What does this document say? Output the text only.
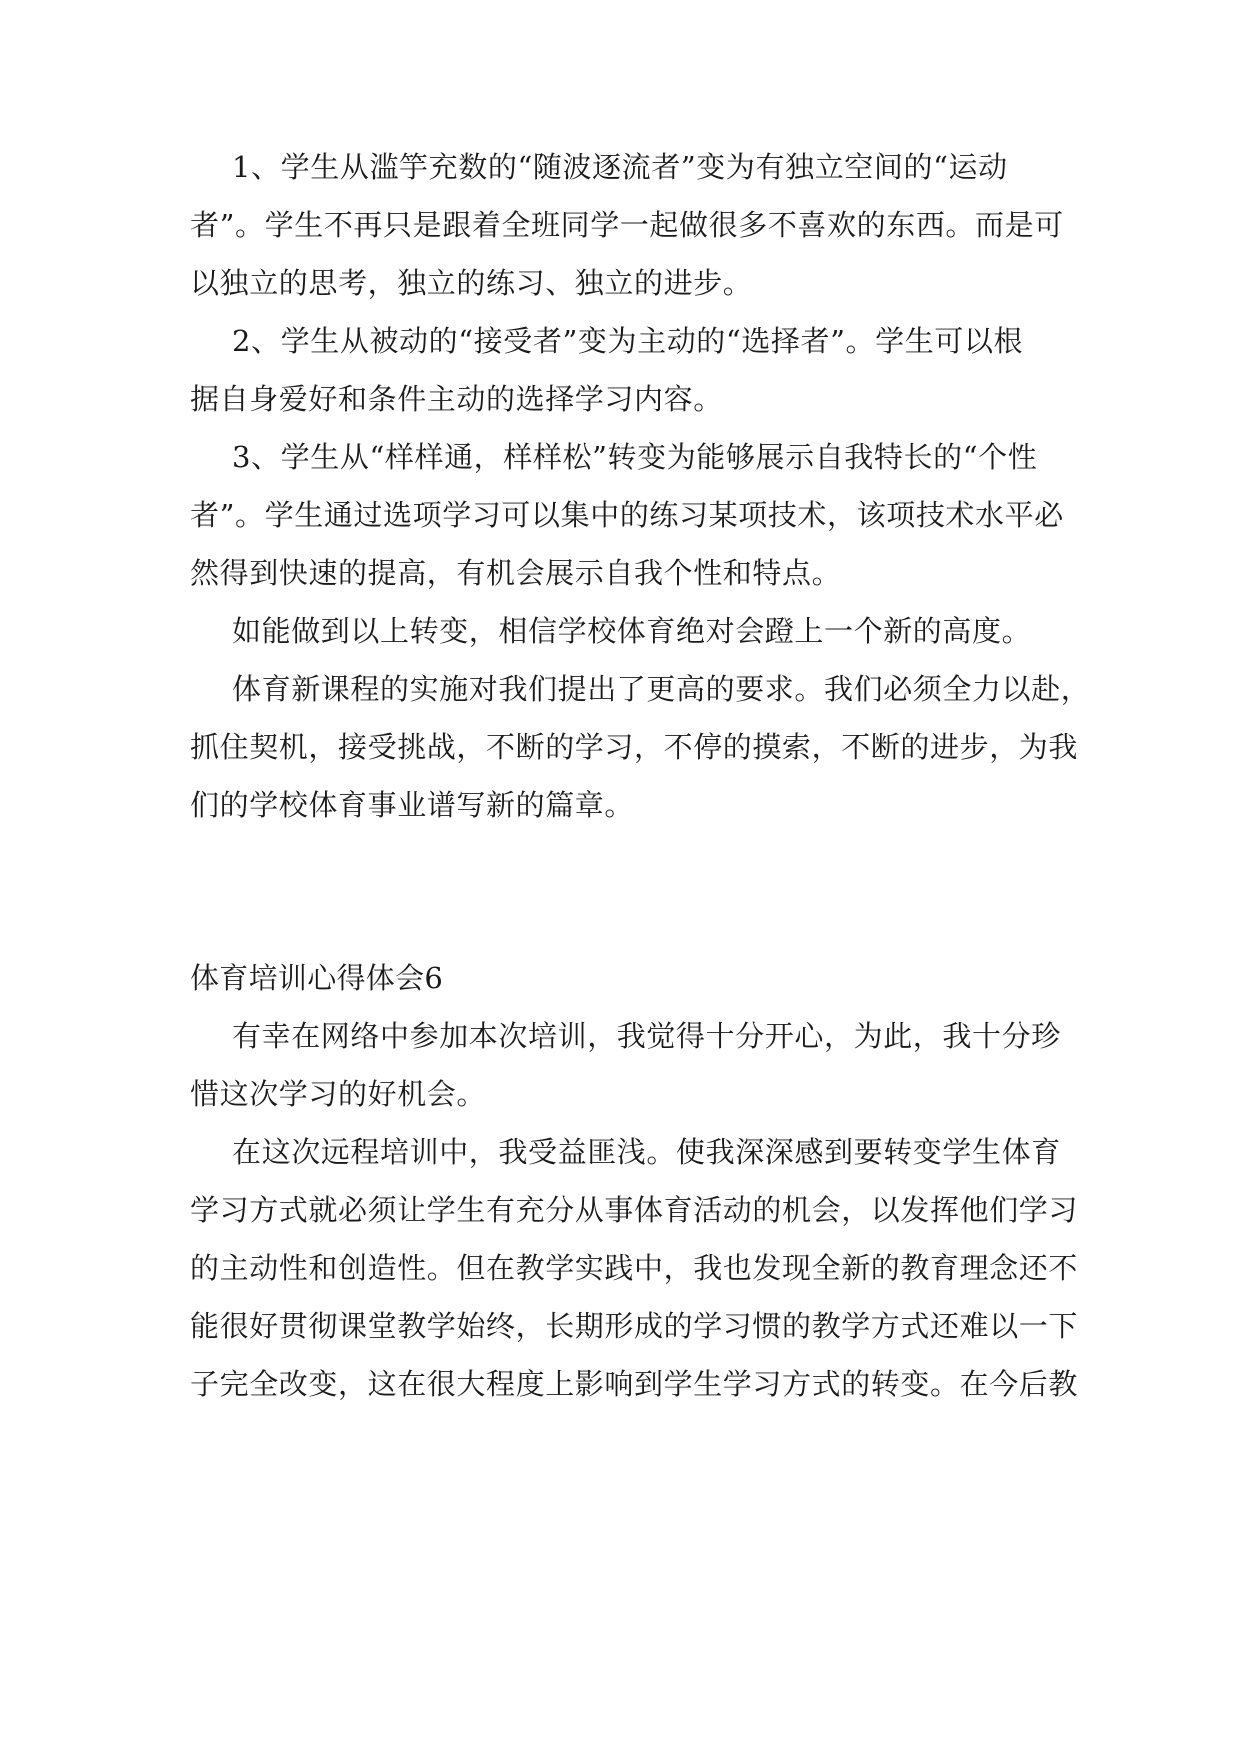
1、学生从滥竽充数的“随波逐流者”变为有独立空间的“运动
者”。学生不再只是跟着全班同学一起做很多不喜欢的东西。而是可
以独立的思考，独立的练习、独立的进步。
2、学生从被动的“接受者”变为主动的“选择者”。学生可以根
据自身爱好和条件主动的选择学习内容。
3、学生从“样样通，样样松”转变为能够展示自我特长的“个性
者”。学生通过选项学习可以集中的练习某项技术，该项技术水平必
然得到快速的提高，有机会展示自我个性和特点。
如能做到以上转变，相信学校体育绝对会蹬上一个新的高度。
体育新课程的实施对我们提出了更高的要求。我们必须全力以赴，
抓住契机，接受挑战，不断的学习，不停的摸索，不断的进步，为我
们的学校体育事业谱写新的篇章。
体育培训心得体会6
有幸在网络中参加本次培训，我觉得十分开心，为此，我十分珍
惜这次学习的好机会。
在这次远程培训中，我受益匪浅。使我深深感到要转变学生体育
学习方式就必须让学生有充分从事体育活动的机会，以发挥他们学习
的主动性和创造性。但在教学实践中，我也发现全新的教育理念还不
能很好贯彻课堂教学始终，长期形成的学习惯的教学方式还难以一下
子完全改变，这在很大程度上影响到学生学习方式的转变。在今后教
